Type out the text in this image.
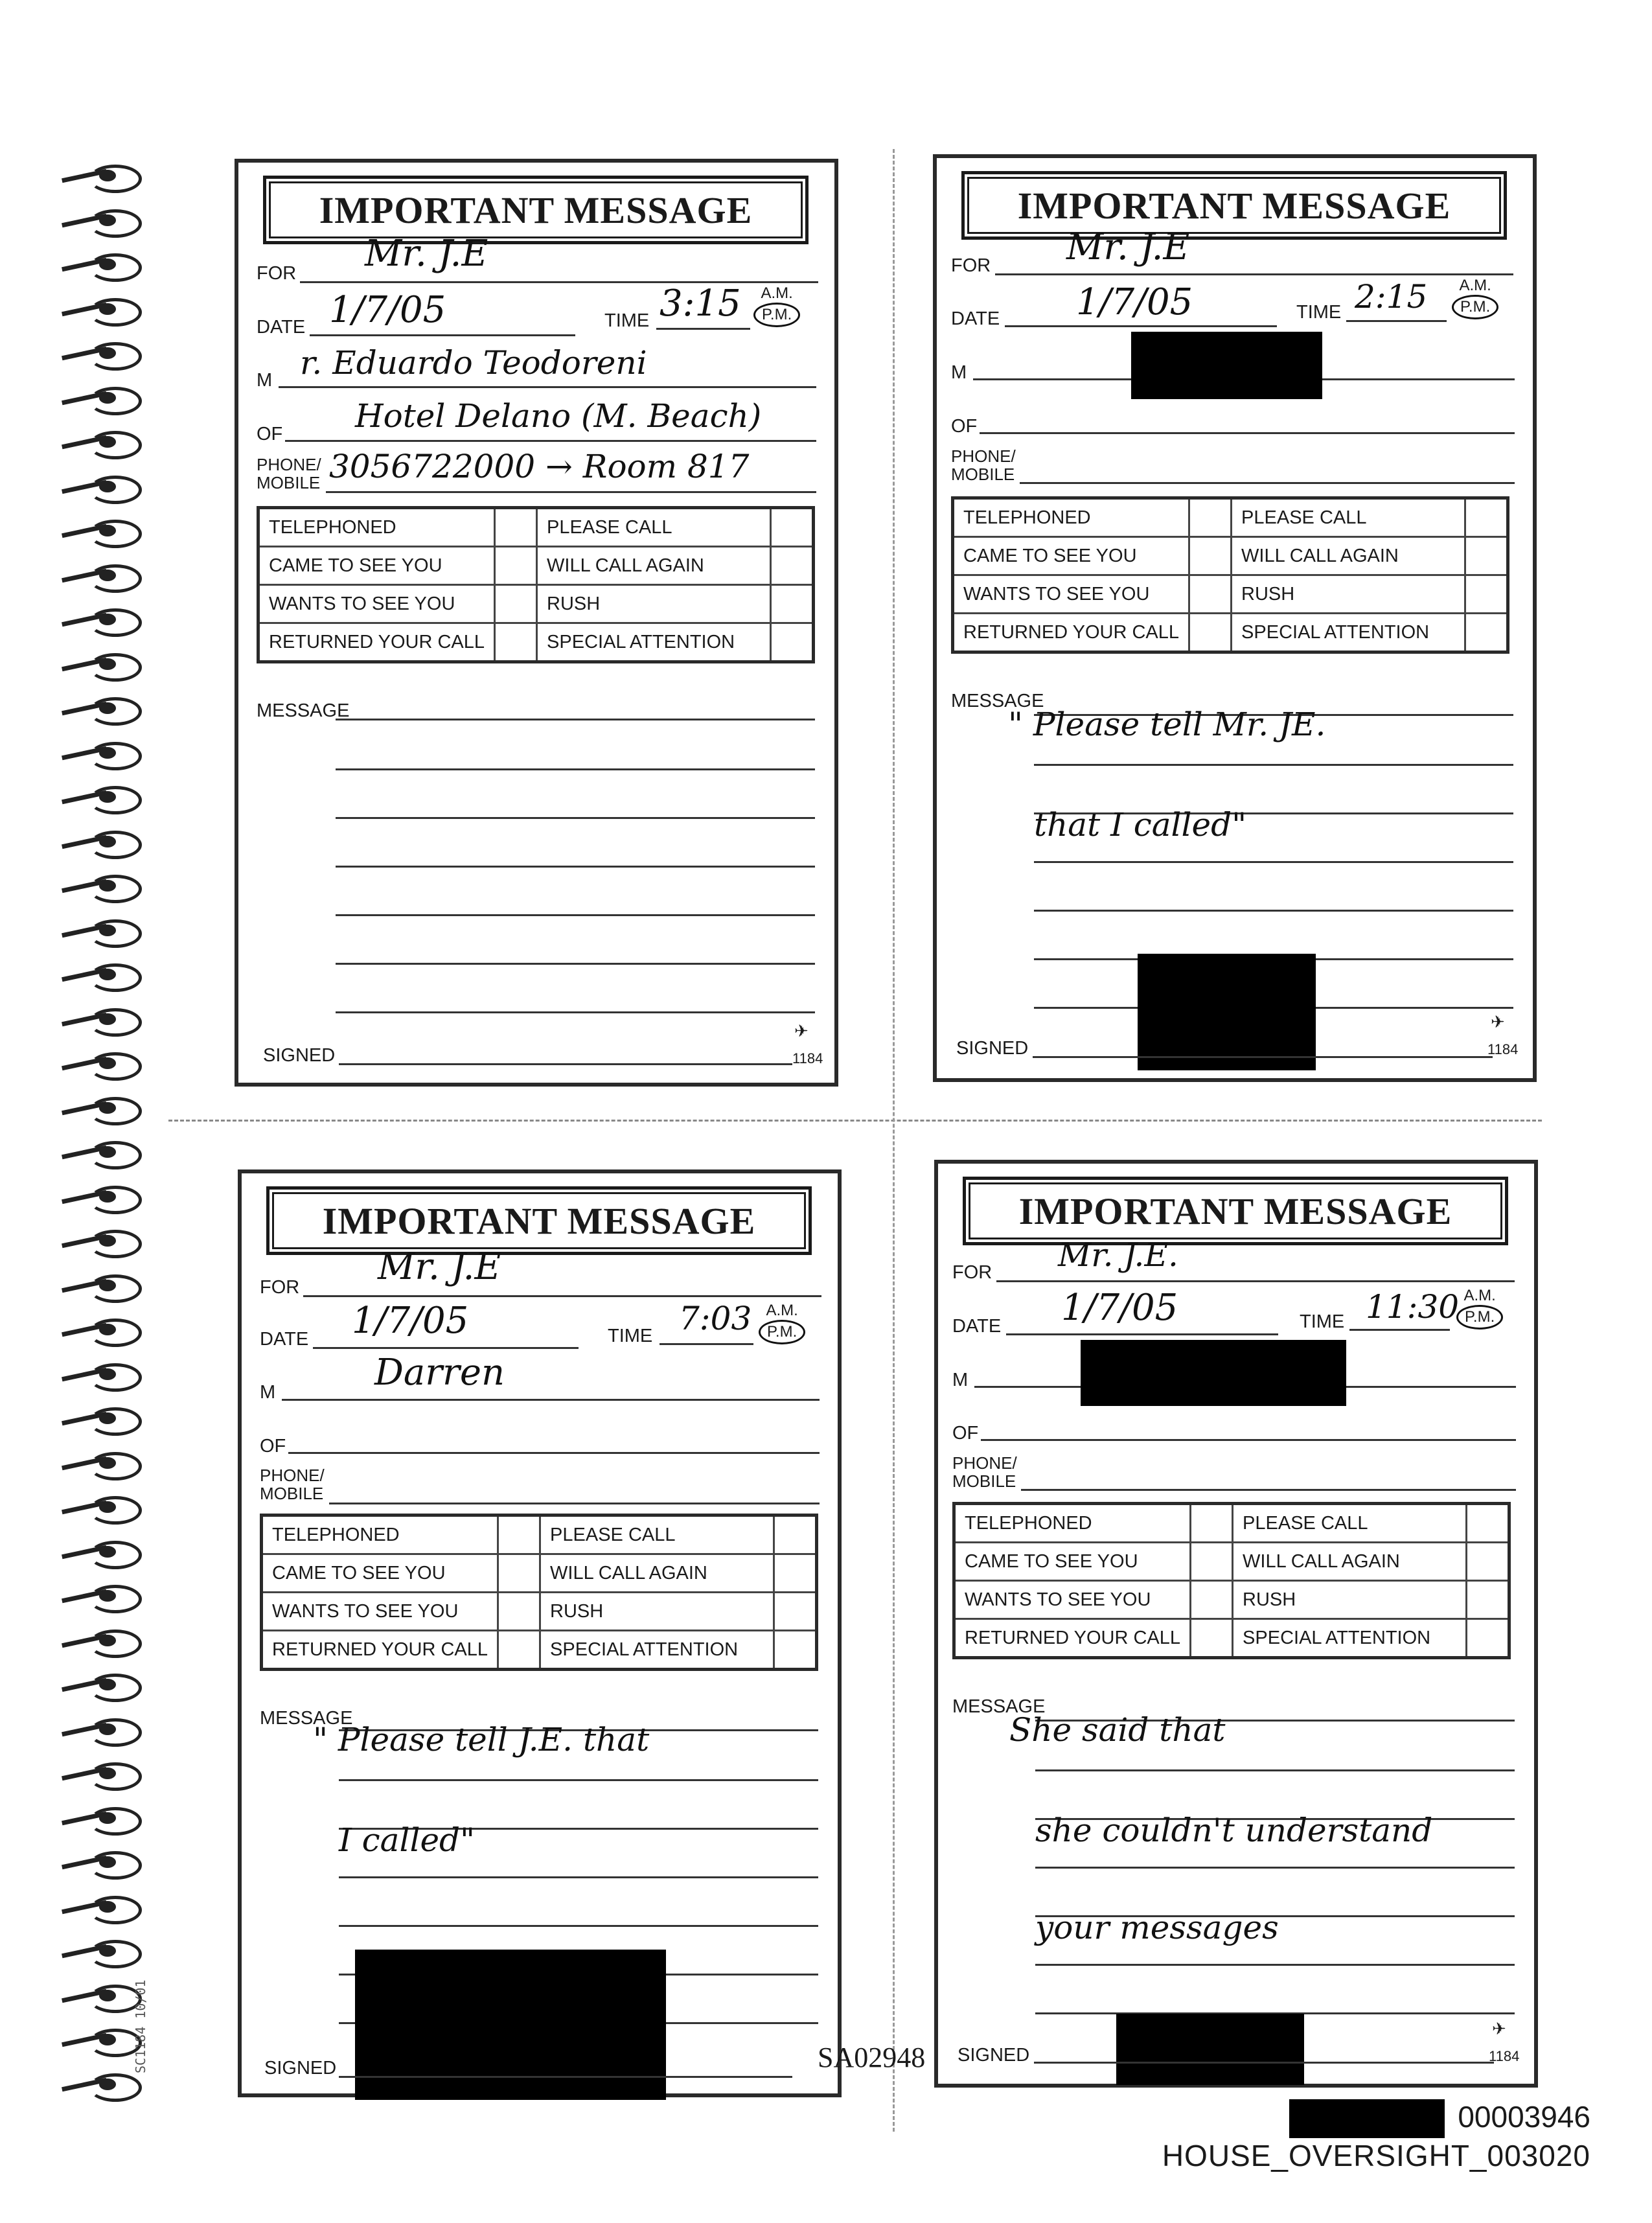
SC1184 10/01
IMPORTANT MESSAGE
FOR Mr. J.E
DATE 1/7/05	TIME 3:15	A.M.
P.M.
M r. Eduardo Teodoreni
OF Hotel Delano (M. Beach)
PHONE/
MOBILE 3056722000 → Room 817
TELEPHONED		PLEASE CALL	
CAME TO SEE YOU		WILL CALL AGAIN	
WANTS TO SEE YOU		RUSH	
RETURNED YOUR CALL		SPECIAL ATTENTION	
MESSAGE
SIGNED
✈
1184
IMPORTANT MESSAGE
FOR Mr. J.E
DATE 1/7/05	TIME 2:15	A.M.
P.M.
M
OF
PHONE/
MOBILE
TELEPHONED		PLEASE CALL	
CAME TO SEE YOU		WILL CALL AGAIN	
WANTS TO SEE YOU		RUSH	
RETURNED YOUR CALL		SPECIAL ATTENTION	
MESSAGE
" Please tell Mr. JE.
that I called"
SIGNED
✈
1184
IMPORTANT MESSAGE
FOR Mr. J.E
DATE 1/7/05	TIME 7:03 A.M.
P.M.
M	Darren
OF
PHONE/
MOBILE
TELEPHONED		PLEASE CALL	
CAME TO SEE YOU		WILL CALL AGAIN	
WANTS TO SEE YOU		RUSH	
RETURNED YOUR CALL		SPECIAL ATTENTION	
MESSAGE
" Please tell J.E. that
I called"
SIGNED
IMPORTANT MESSAGE
FOR Mr. J.E.
DATE 1/7/05	TIME 11:30 A.M.
P.M.
M
OF
PHONE/
MOBILE
TELEPHONED		PLEASE CALL	
CAME TO SEE YOU		WILL CALL AGAIN	
WANTS TO SEE YOU		RUSH	
RETURNED YOUR CALL		SPECIAL ATTENTION	
MESSAGE
She said that
she couldn't understand
your messages
SIGNED
✈
1184
SA02948
00003946
HOUSE_OVERSIGHT_003020
